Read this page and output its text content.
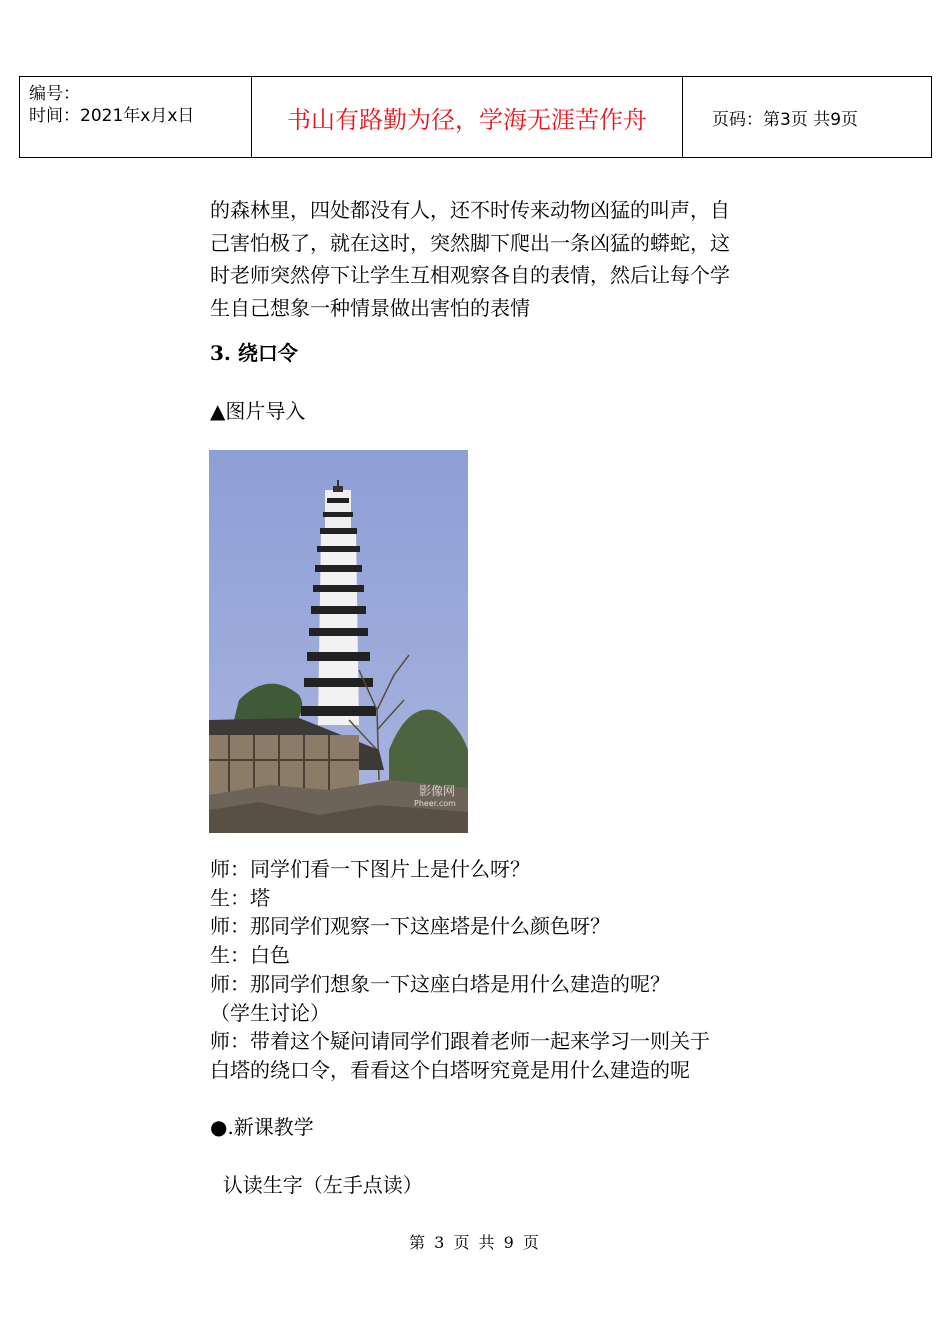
编号：
时间：2021年x月x日	书山有路勤为径，学海无涯苦作舟	页码：第3页 共9页

的森林里，四处都没有人，还不时传来动物凶猛的叫声，自

己害怕极了，就在这时，突然脚下爬出一条凶猛的蟒蛇，这

时老师突然停下让学生互相观察各自的表情，然后让每个学

生自己想象一种情景做出害怕的表情

3. 绕口令
▲图片导入
影像网
Pheer.com

师：同学们看一下图片上是什么呀？

生：塔

师：那同学们观察一下这座塔是什么颜色呀？

生：白色

师：那同学们想象一下这座白塔是用什么建造的呢？

（学生讨论）

师：带着这个疑问请同学们跟着老师一起来学习一则关于

白塔的绕口令，看看这个白塔呀究竟是用什么建造的呢

●.新课教学
认读生字（左手点读）
第 3 页 共 9 页
